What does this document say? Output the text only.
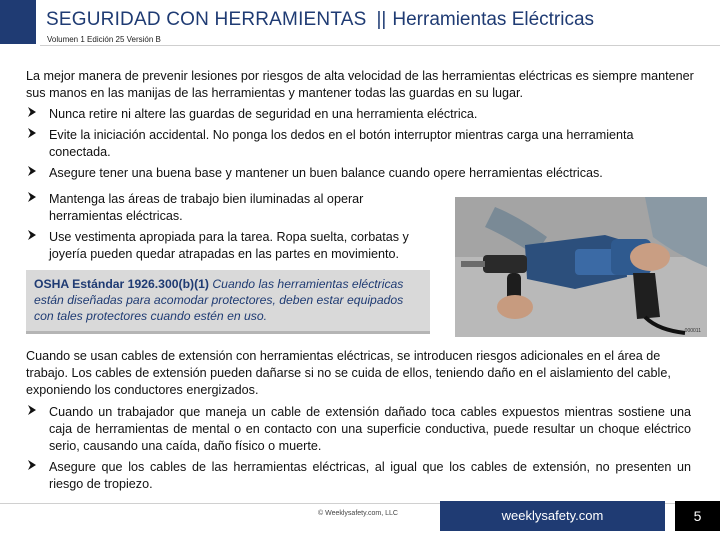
SEGURIDAD CON HERRAMIENTAS || Herramientas Eléctricas
Volumen 1 Edición 25 Versión B
La mejor manera de prevenir lesiones por riesgos de alta velocidad de las herramientas eléctricas es siempre mantener sus manos en las manijas de las herramientas y mantener todas las guardas en su lugar.
Nunca retire ni altere las guardas de seguridad en una herramienta eléctrica.
Evite la iniciación accidental. No ponga los dedos en el botón interruptor mientras carga una herramienta conectada.
Asegure tener una buena base y mantener un buen balance cuando opere herramientas eléctricas.
Mantenga las áreas de trabajo bien iluminadas al operar herramientas eléctricas.
Use vestimenta apropiada para la tarea. Ropa suelta, corbatas y joyería pueden quedar atrapadas en las partes en movimiento.
OSHA Estándar 1926.300(b)(1) Cuando las herramientas eléctricas están diseñadas para acomodar protectores, deben estar equipados con tales protectores cuando estén en uso.
000011
Cuando se usan cables de extensión con herramientas eléctricas, se introducen riesgos adicionales en el área de trabajo. Los cables de extensión pueden dañarse si no se cuida de ellos, teniendo daño en el aislamiento del cable, exponiendo los conductores energizados.
Cuando un trabajador que maneja un cable de extensión dañado toca cables expuestos mientras sostiene una caja de herramientas de mental o en contacto con una superficie conductiva, puede resultar un choque eléctrico serio, causando una caída, daño físico o muerte.
Asegure que los cables de las herramientas eléctricas, al igual que los cables de extensión, no presenten un riesgo de tropiezo.
© Weeklysafety.com, LLC	weeklysafety.com	5
